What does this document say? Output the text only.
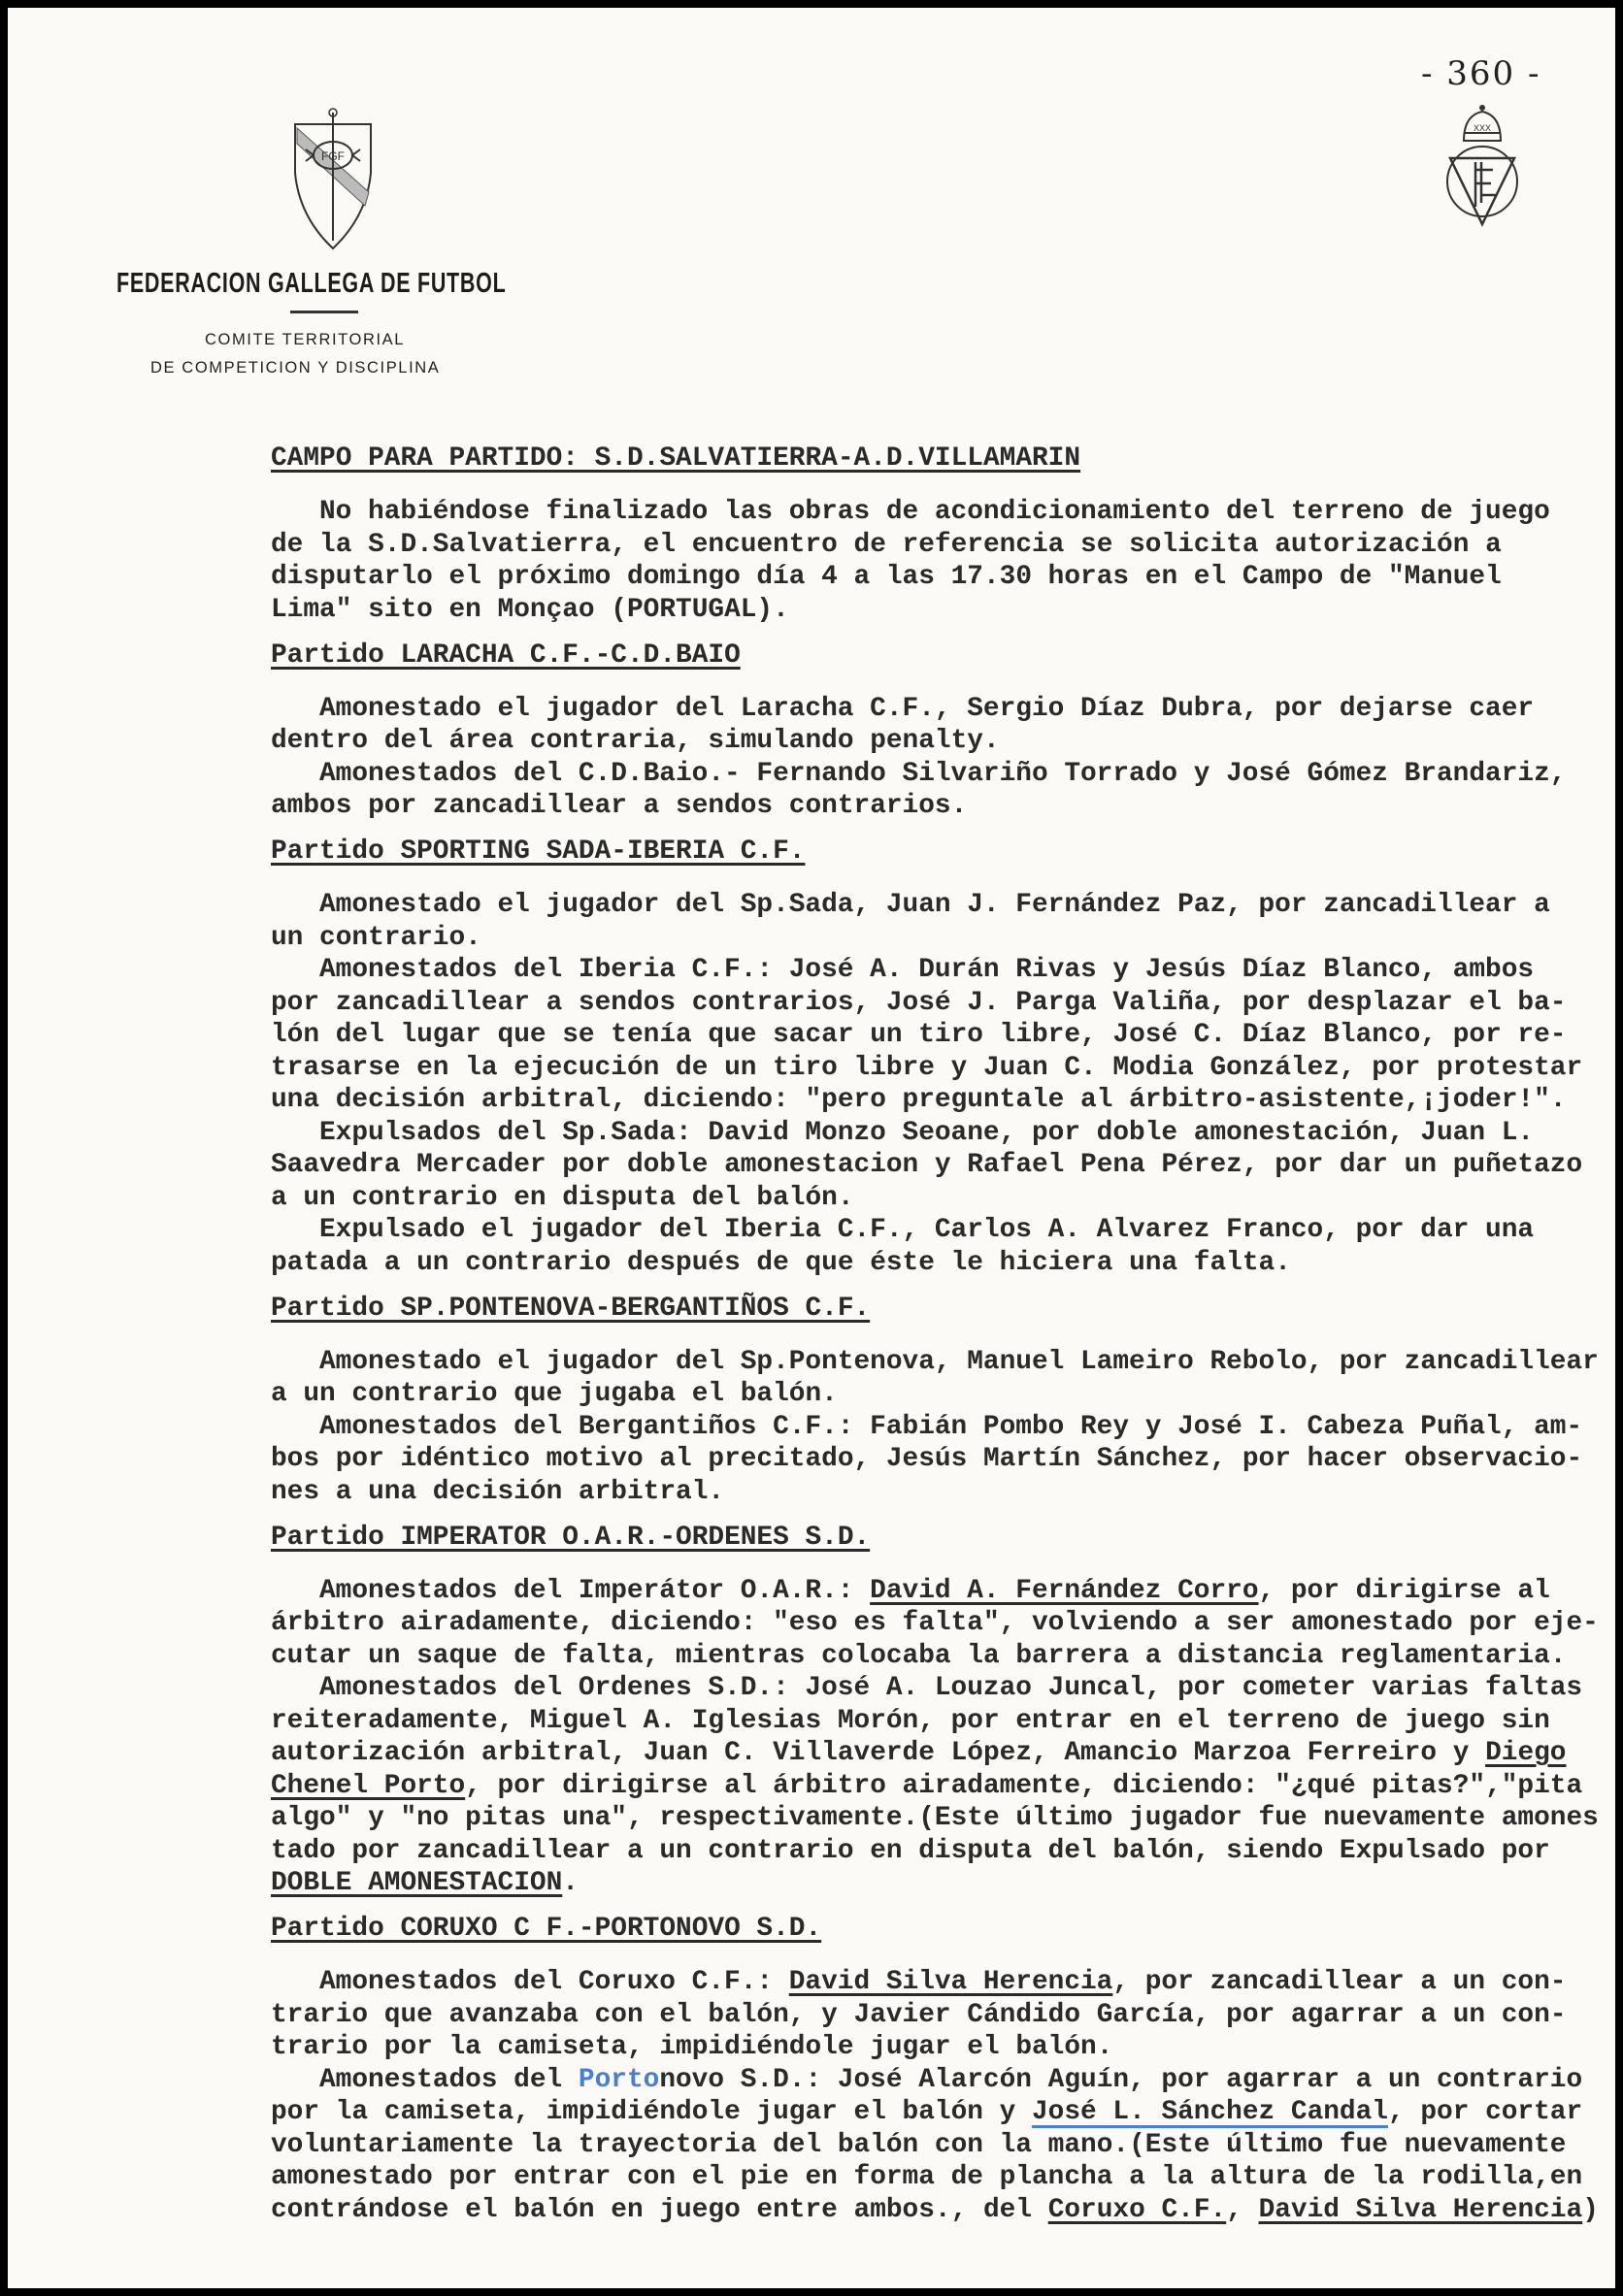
- 360 -
FGF
XXX
FEDERACION GALLEGA DE FUTBOL
COMITE TERRITORIAL
DE COMPETICION Y DISCIPLINA
CAMPO PARA PARTIDO: S.D.SALVATIERRA-A.D.VILLAMARIN
No habiéndose finalizado las obras de acondicionamiento del terreno de juego
de la S.D.Salvatierra, el encuentro de referencia se solicita autorización a
disputarlo el próximo domingo día 4 a las 17.30 horas en el Campo de "Manuel
Lima" sito en Monçao (PORTUGAL).
Partido LARACHA C.F.-C.D.BAIO
Amonestado el jugador del Laracha C.F., Sergio Díaz Dubra, por dejarse caer
dentro del área contraria, simulando penalty.
Amonestados del C.D.Baio.- Fernando Silvariño Torrado y José Gómez Brandariz,
ambos por zancadillear a sendos contrarios.
Partido SPORTING SADA-IBERIA C.F.
Amonestado el jugador del Sp.Sada, Juan J. Fernández Paz, por zancadillear a
un contrario.
Amonestados del Iberia C.F.: José A. Durán Rivas y Jesús Díaz Blanco, ambos
por zancadillear a sendos contrarios, José J. Parga Valiña, por desplazar el ba-
lón del lugar que se tenía que sacar un tiro libre, José C. Díaz Blanco, por re-
trasarse en la ejecución de un tiro libre y Juan C. Modia González, por protestar
una decisión arbitral, diciendo: "pero preguntale al árbitro-asistente,¡joder!".
Expulsados del Sp.Sada: David Monzo Seoane, por doble amonestación, Juan L.
Saavedra Mercader por doble amonestacion y Rafael Pena Pérez, por dar un puñetazo
a un contrario en disputa del balón.
Expulsado el jugador del Iberia C.F., Carlos A. Alvarez Franco, por dar una
patada a un contrario después de que éste le hiciera una falta.
Partido SP.PONTENOVA-BERGANTIÑOS C.F.
Amonestado el jugador del Sp.Pontenova, Manuel Lameiro Rebolo, por zancadillear
a un contrario que jugaba el balón.
Amonestados del Bergantiños C.F.: Fabián Pombo Rey y José I. Cabeza Puñal, am-
bos por idéntico motivo al precitado, Jesús Martín Sánchez, por hacer observacio-
nes a una decisión arbitral.
Partido IMPERATOR O.A.R.-ORDENES S.D.
Amonestados del Imperátor O.A.R.: David A. Fernández Corro, por dirigirse al
árbitro airadamente, diciendo: "eso es falta", volviendo a ser amonestado por eje-
cutar un saque de falta, mientras colocaba la barrera a distancia reglamentaria.
Amonestados del Ordenes S.D.: José A. Louzao Juncal, por cometer varias faltas
reiteradamente, Miguel A. Iglesias Morón, por entrar en el terreno de juego sin
autorización arbitral, Juan C. Villaverde López, Amancio Marzoa Ferreiro y Diego
Chenel Porto, por dirigirse al árbitro airadamente, diciendo: "¿qué pitas?","pita
algo" y "no pitas una", respectivamente.(Este último jugador fue nuevamente amones
tado por zancadillear a un contrario en disputa del balón, siendo Expulsado por
DOBLE AMONESTACION.
Partido CORUXO C F.-PORTONOVO S.D.
Amonestados del Coruxo C.F.: David Silva Herencia, por zancadillear a un con-
trario que avanzaba con el balón, y Javier Cándido García, por agarrar a un con-
trario por la camiseta, impidiéndole jugar el balón.
Amonestados del Portonovo S.D.: José Alarcón Aguín, por agarrar a un contrario
por la camiseta, impidiéndole jugar el balón y José L. Sánchez Candal, por cortar
voluntariamente la trayectoria del balón con la mano.(Este último fue nuevamente
amonestado por entrar con el pie en forma de plancha a la altura de la rodilla,en
contrándose el balón en juego entre ambos., del Coruxo C.F., David Silva Herencia)
